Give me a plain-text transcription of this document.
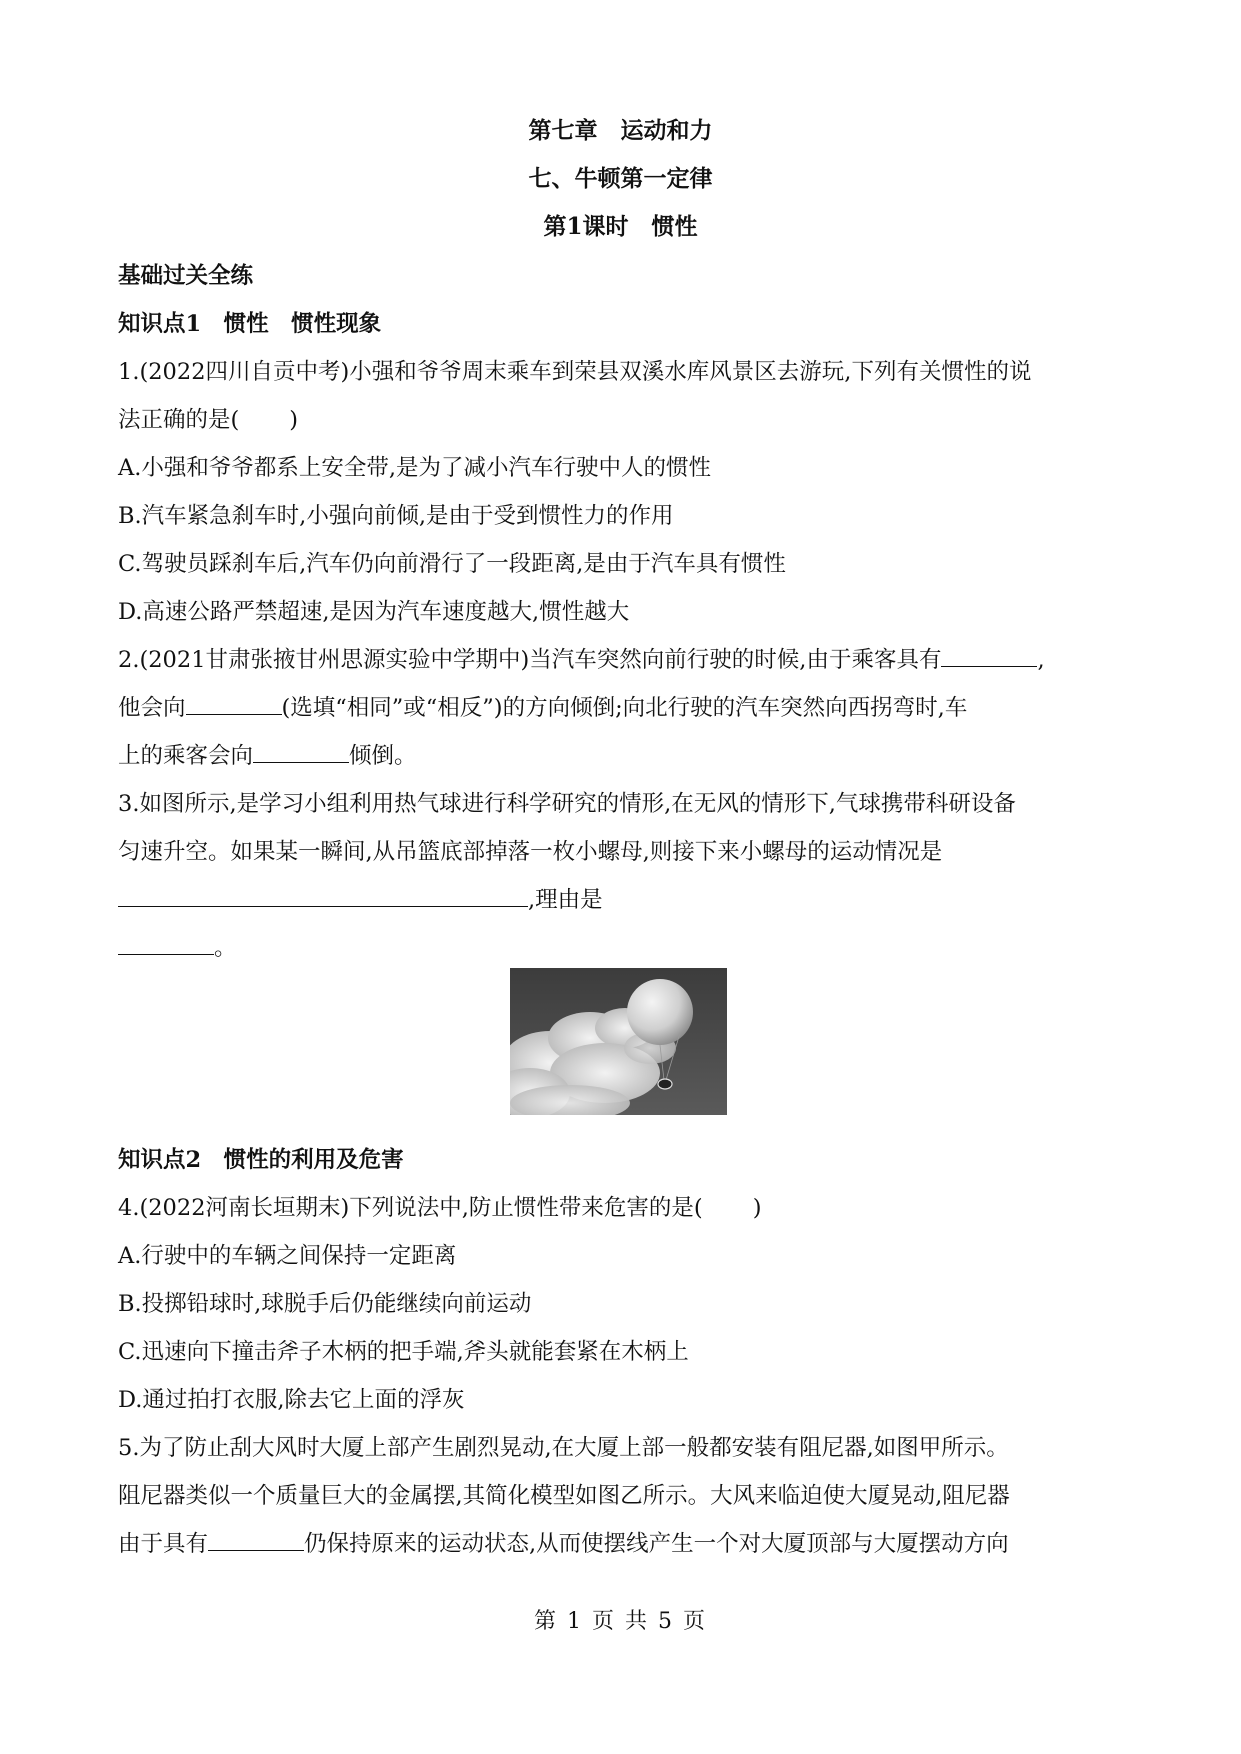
第七章　运动和力
七、牛顿第一定律
第1课时　惯性
基础过关全练
知识点1　惯性　惯性现象
1.(2022四川自贡中考)小强和爷爷周末乘车到荣县双溪水库风景区去游玩,下列有关惯性的说
法正确的是( )
A.小强和爷爷都系上安全带,是为了减小汽车行驶中人的惯性
B.汽车紧急刹车时,小强向前倾,是由于受到惯性力的作用
C.驾驶员踩刹车后,汽车仍向前滑行了一段距离,是由于汽车具有惯性
D.高速公路严禁超速,是因为汽车速度越大,惯性越大
2.(2021甘肃张掖甘州思源实验中学期中)当汽车突然向前行驶的时候,由于乘客具有	,
他会向	(选填“相同”或“相反”)的方向倾倒;向北行驶的汽车突然向西拐弯时,车
上的乘客会向	倾倒。
3.如图所示,是学习小组利用热气球进行科学研究的情形,在无风的情形下,气球携带科研设备
匀速升空。如果某一瞬间,从吊篮底部掉落一枚小螺母,则接下来小螺母的运动情况是
,理由是
。
知识点2　惯性的利用及危害
4.(2022河南长垣期末)下列说法中,防止惯性带来危害的是( )
A.行驶中的车辆之间保持一定距离
B.投掷铅球时,球脱手后仍能继续向前运动
C.迅速向下撞击斧子木柄的把手端,斧头就能套紧在木柄上
D.通过拍打衣服,除去它上面的浮灰
5.为了防止刮大风时大厦上部产生剧烈晃动,在大厦上部一般都安装有阻尼器,如图甲所示。
阻尼器类似一个质量巨大的金属摆,其简化模型如图乙所示。大风来临迫使大厦晃动,阻尼器
由于具有	仍保持原来的运动状态,从而使摆线产生一个对大厦顶部与大厦摆动方向
第 1 页 共 5 页
